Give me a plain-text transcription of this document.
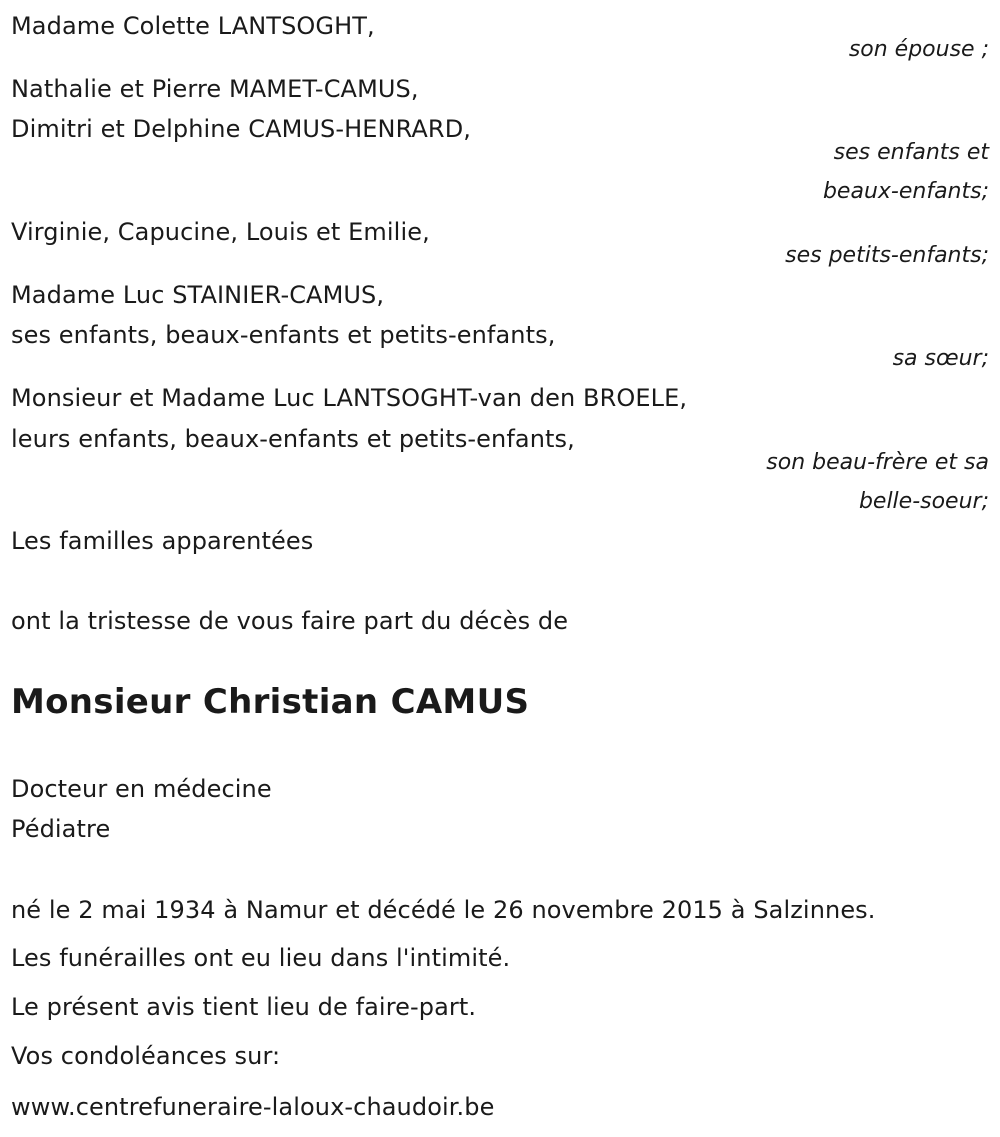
Madame Colette LANTSOGHT,
son épouse ;
Nathalie et Pierre MAMET-CAMUS,
Dimitri et Delphine CAMUS-HENRARD,
ses enfants et
beaux-enfants;
Virginie, Capucine, Louis et Emilie,
ses petits-enfants;
Madame Luc STAINIER-CAMUS,
ses enfants, beaux-enfants et petits-enfants,
sa sœur;
Monsieur et Madame Luc LANTSOGHT-van den BROELE,
leurs enfants, beaux-enfants et petits-enfants,
son beau-frère et sa
belle-soeur;
Les familles apparentées
ont la tristesse de vous faire part du décès de
Monsieur Christian CAMUS
Docteur en médecine
Pédiatre
né le 2 mai 1934 à Namur et décédé le 26 novembre 2015 à Salzinnes.
Les funérailles ont eu lieu dans l'intimité.
Le présent avis tient lieu de faire-part.
Vos condoléances sur:
www.centrefuneraire-laloux-chaudoir.be
